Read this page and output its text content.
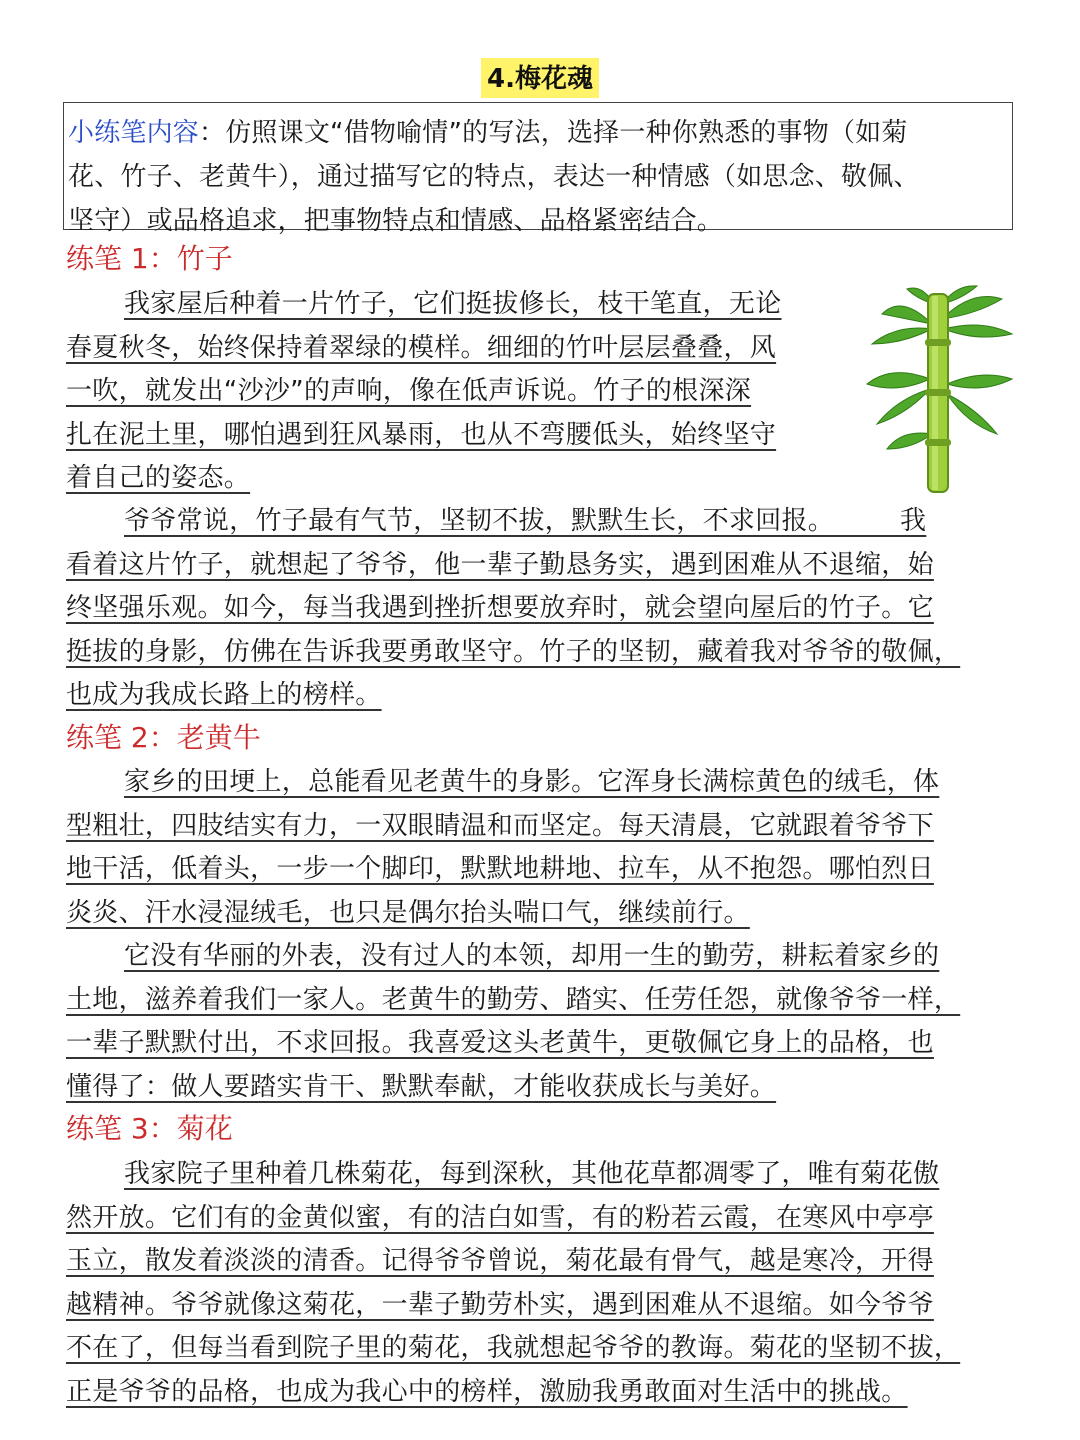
4.梅花魂
小练笔内容：仿照课文“借物喻情”的写法，选择一种你熟悉的事物（如菊
花、竹子、老黄牛），通过描写它的特点，表达一种情感（如思念、敬佩、
坚守）或品格追求，把事物特点和情感、品格紧密结合。
练笔 1：竹子
我家屋后种着一片竹子，它们挺拔修长，枝干笔直，无论
春夏秋冬，始终保持着翠绿的模样。细细的竹叶层层叠叠，风
一吹，就发出“沙沙”的声响，像在低声诉说。竹子的根深深
扎在泥土里，哪怕遇到狂风暴雨，也从不弯腰低头，始终坚守
着自己的姿态。
爷爷常说，竹子最有气节，坚韧不拔，默默生长，不求回报。　　　我
看着这片竹子，就想起了爷爷，他一辈子勤恳务实，遇到困难从不退缩，始
终坚强乐观。如今，每当我遇到挫折想要放弃时，就会望向屋后的竹子。它
挺拔的身影，仿佛在告诉我要勇敢坚守。竹子的坚韧，藏着我对爷爷的敬佩，
也成为我成长路上的榜样。
练笔 2：老黄牛
家乡的田埂上，总能看见老黄牛的身影。它浑身长满棕黄色的绒毛，体
型粗壮，四肢结实有力，一双眼睛温和而坚定。每天清晨，它就跟着爷爷下
地干活，低着头，一步一个脚印，默默地耕地、拉车，从不抱怨。哪怕烈日
炎炎、汗水浸湿绒毛，也只是偶尔抬头喘口气，继续前行。
它没有华丽的外表，没有过人的本领，却用一生的勤劳，耕耘着家乡的
土地，滋养着我们一家人。老黄牛的勤劳、踏实、任劳任怨，就像爷爷一样，
一辈子默默付出，不求回报。我喜爱这头老黄牛，更敬佩它身上的品格，也
懂得了：做人要踏实肯干、默默奉献，才能收获成长与美好。
练笔 3：菊花
我家院子里种着几株菊花，每到深秋，其他花草都凋零了，唯有菊花傲
然开放。它们有的金黄似蜜，有的洁白如雪，有的粉若云霞，在寒风中亭亭
玉立，散发着淡淡的清香。记得爷爷曾说，菊花最有骨气，越是寒冷，开得
越精神。爷爷就像这菊花，一辈子勤劳朴实，遇到困难从不退缩。如今爷爷
不在了，但每当看到院子里的菊花，我就想起爷爷的教诲。菊花的坚韧不拔，
正是爷爷的品格，也成为我心中的榜样，激励我勇敢面对生活中的挑战。
